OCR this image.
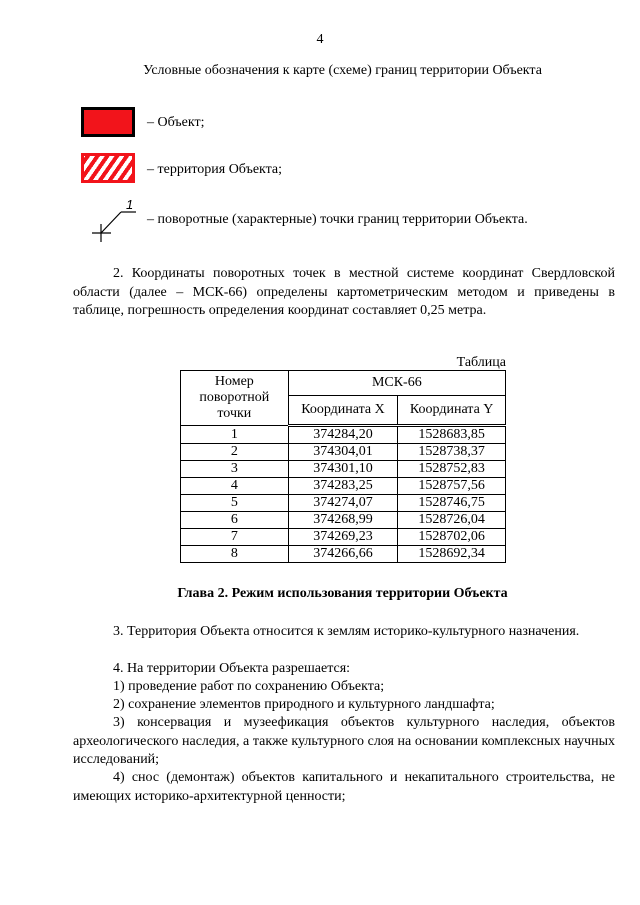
4
Условные обозначения к карте (схеме) границ территории Объекта
– Объект;
– территория Объекта;
1
– поворотные (характерные) точки границ территории Объекта.
2. Координаты поворотных точек в местной системе координат Свердловской области (далее – МСК-66) определены картометрическим методом и приведены в таблице, погрешность определения координат составляет 0,25 метра.
Таблица
Номер поворотной точки	МСК-66	
	Координата X	Координата Y
1	374284,20	1528683,85
2	374304,01	1528738,37
3	374301,10	1528752,83
4	374283,25	1528757,56
5	374274,07	1528746,75
6	374268,99	1528726,04
7	374269,23	1528702,06
8	374266,66	1528692,34
Глава 2. Режим использования территории Объекта
3. Территория Объекта относится к землям историко-культурного назначения.
4. На территории Объекта разрешается:
1) проведение работ по сохранению Объекта;
2) сохранение элементов природного и культурного ландшафта;
3) консервация и музеефикация объектов культурного наследия, объектов археологического наследия, а также культурного слоя на основании комплексных научных исследований;
4) снос (демонтаж) объектов капитального и некапитального строительства, не имеющих историко-архитектурной ценности;
